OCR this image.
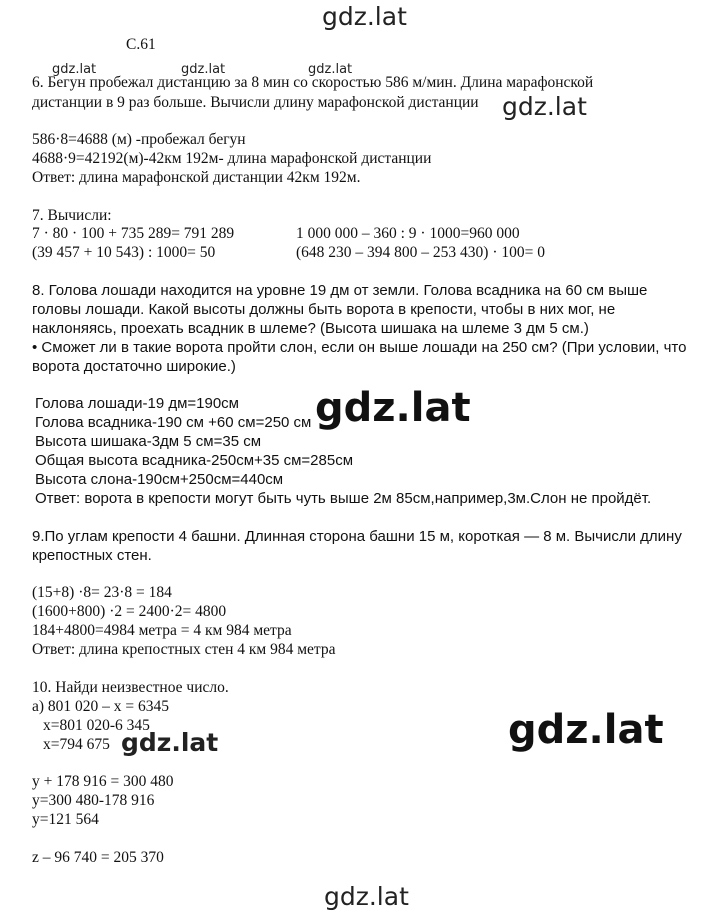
gdz.lat
gdz.lat	gdz.lat	gdz.lat
gdz.lat
gdz.lat
gdz.lat
gdz.lat
gdz.lat
С.61
6. Бегун пробежал дистанцию за 8 мин со скоростью 586 м/мин. Длина марафонской
дистанции в 9 раз больше. Вычисли длину марафонской дистанции
586·8=4688 (м) -пробежал бегун
4688·9=42192(м)-42км 192м- длина марафонской дистанции
Ответ: длина марафонской дистанции 42км 192м.
7. Вычисли:
7 · 80 · 100 + 735 289= 791 289	1 000 000 – 360 : 9 · 1000=960 000
(39 457 + 10 543) : 1000= 50	(648 230 – 394 800 – 253 430) · 100= 0
8. Голова лошади находится на уровне 19 дм от земли. Голова всадника на 60 см выше
головы лошади. Какой высоты должны быть ворота в крепости, чтобы в них мог, не
наклоняясь, проехать всадник в шлеме? (Высота шишака на шлеме 3 дм 5 см.)
• Сможет ли в такие ворота пройти слон, если он выше лошади на 250 см? (При условии, что
ворота достаточно широкие.)
Голова лошади-19 дм=190см
Голова всадника-190 см +60 см=250 см
Высота шишака-3дм 5 см=35 см
Общая высота всадника-250см+35 см=285см
Высота слона-190см+250см=440см
Ответ: ворота в крепости могут быть чуть выше 2м 85см,например,3м.Слон не пройдёт.
9.По углам крепости 4 башни. Длинная сторона башни 15 м, короткая — 8 м. Вычисли длину
крепостных стен.
(15+8) ·8= 23·8 = 184
(1600+800) ·2 = 2400·2= 4800
184+4800=4984 метра = 4 км 984 метра
Ответ: длина крепостных стен 4 км 984 метра
10. Найди неизвестное число.
а) 801 020 – x = 6345
x=801 020-6 345
x=794 675
y + 178 916 = 300 480
y=300 480-178 916
y=121 564
z – 96 740 = 205 370
